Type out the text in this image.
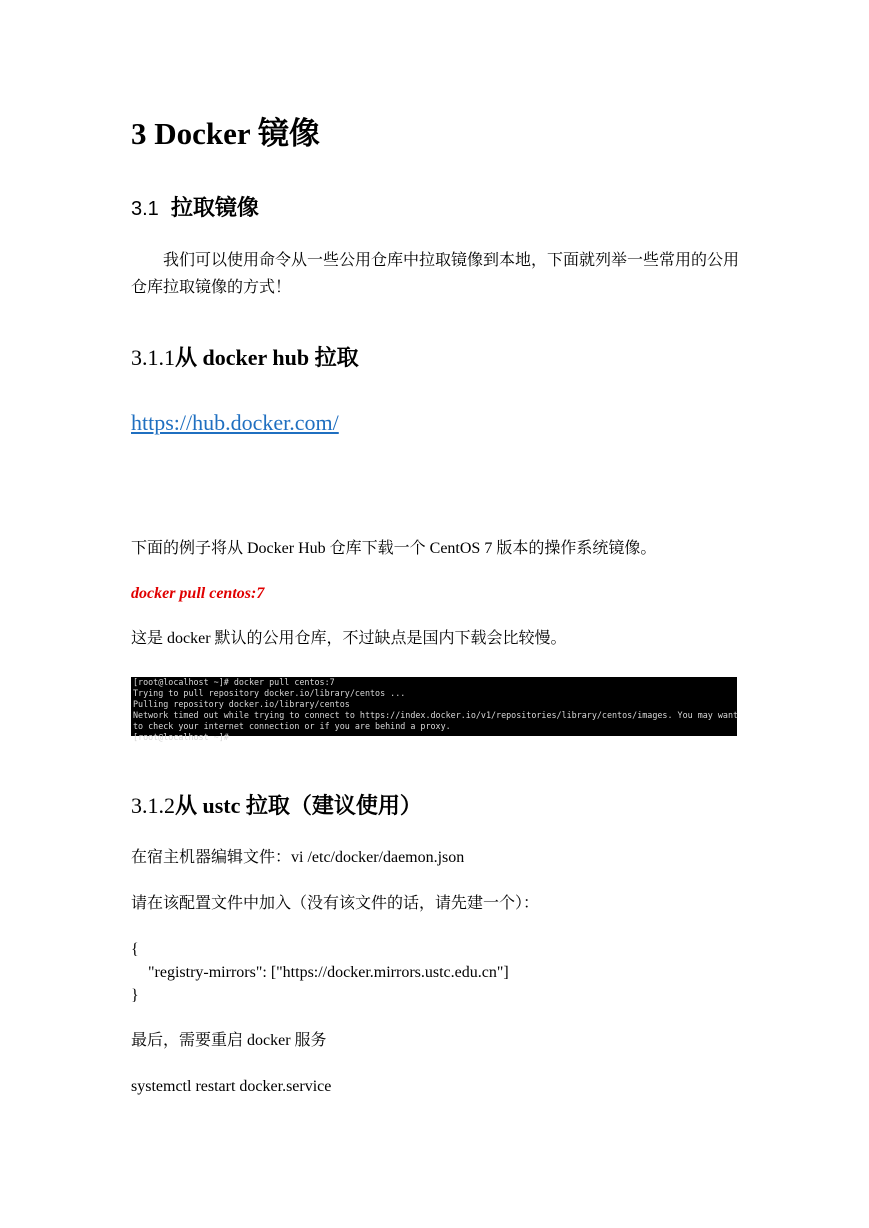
3 Docker 镜像
3.1 拉取镜像
我们可以使用命令从一些公用仓库中拉取镜像到本地，下面就列举一些常用的公用仓库拉取镜像的方式！
3.1.1从 docker hub 拉取
https://hub.docker.com/
下面的例子将从 Docker Hub 仓库下载一个 CentOS 7 版本的操作系统镜像。
docker pull centos:7
这是 docker 默认的公用仓库，不过缺点是国内下载会比较慢。
[root@localhost ~]# docker pull centos:7
Trying to pull repository docker.io/library/centos ...
Pulling repository docker.io/library/centos
Network timed out while trying to connect to https://index.docker.io/v1/repositories/library/centos/images. You may want
to check your internet connection or if you are behind a proxy.
[root@localhost ~]#
3.1.2从 ustc 拉取（建议使用）
在宿主机器编辑文件：vi /etc/docker/daemon.json
请在该配置文件中加入（没有该文件的话，请先建一个）：
{
"registry-mirrors": ["https://docker.mirrors.ustc.edu.cn"]
}
最后，需要重启 docker 服务
systemctl restart docker.service
